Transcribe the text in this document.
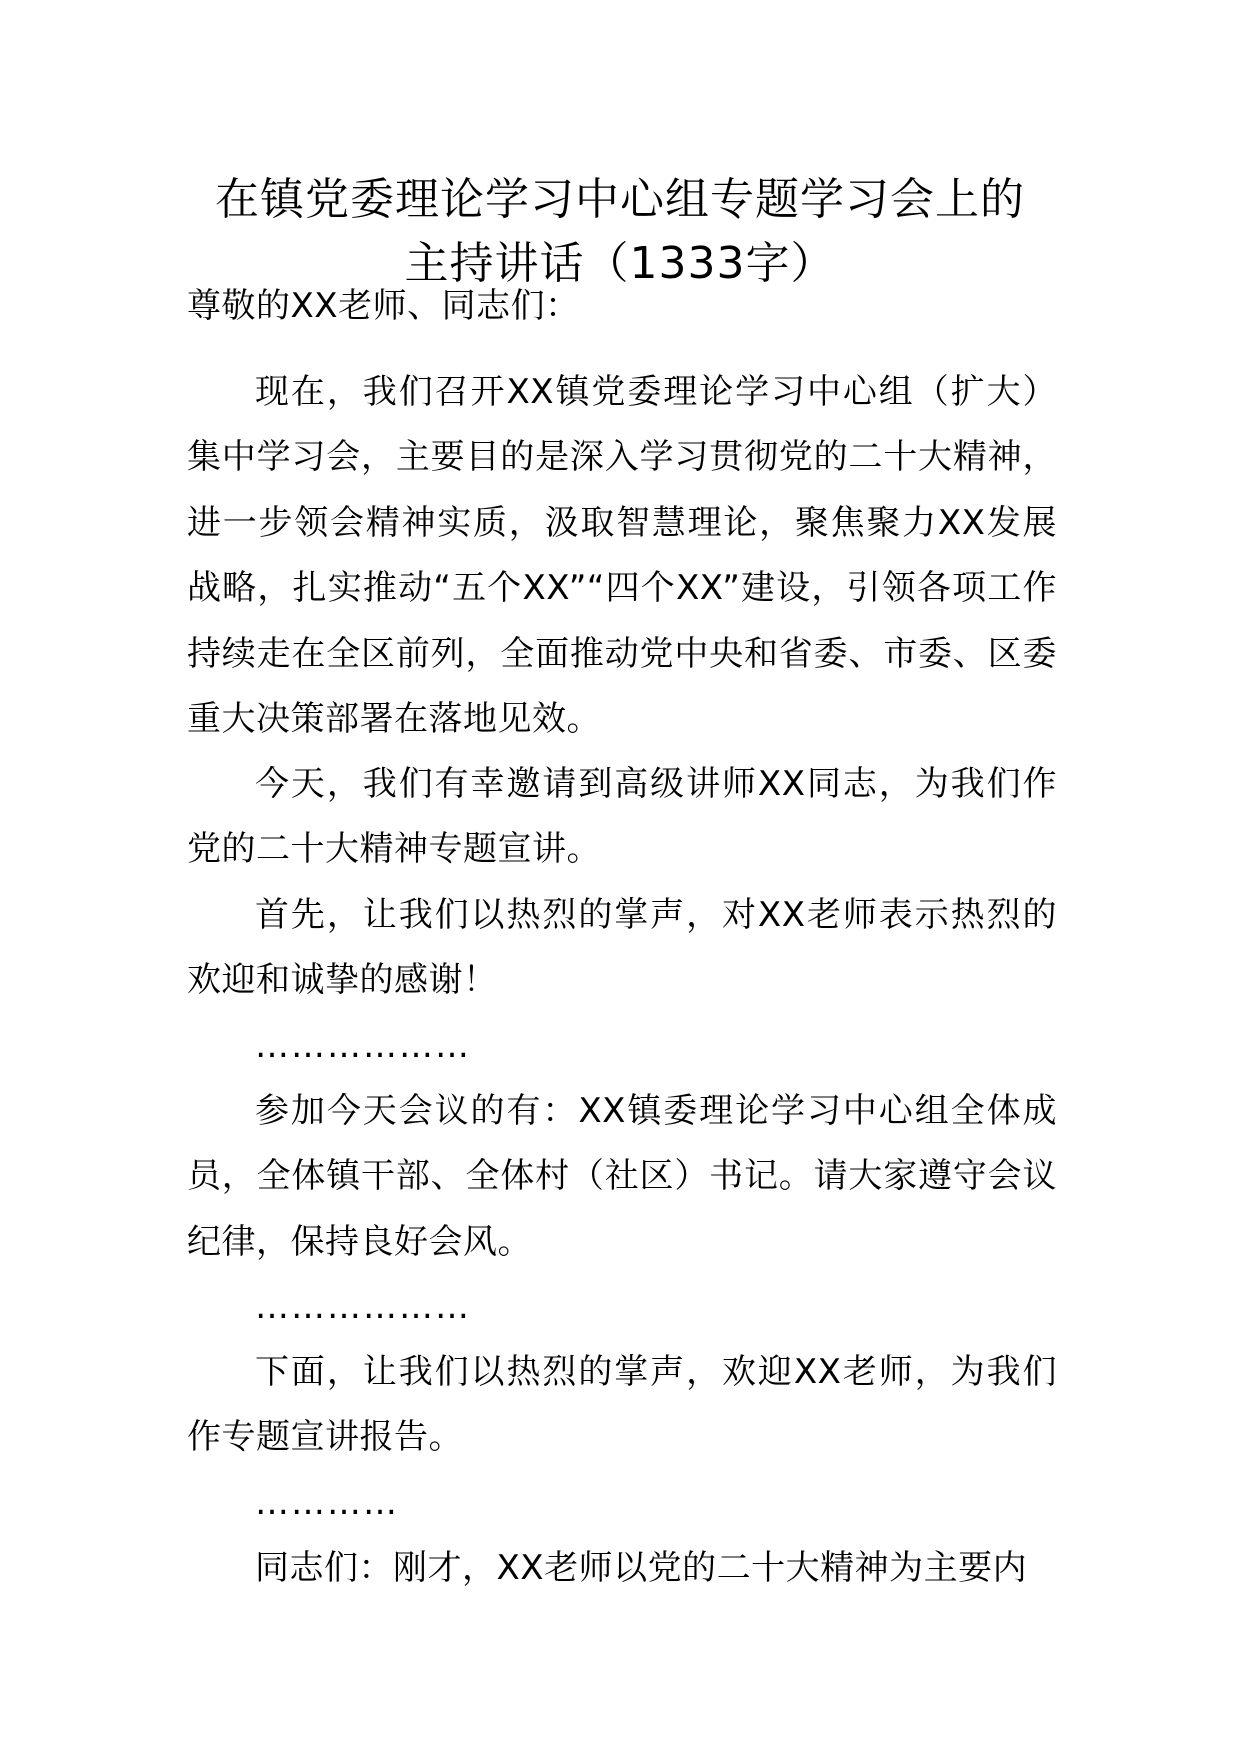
在镇党委理论学习中心组专题学习会上的
主持讲话（1333字）
尊敬的XX老师、同志们：
现在，我们召开XX镇党委理论学习中心组（扩大）集中学习会，主要目的是深入学习贯彻党的二十大精神，进一步领会精神实质，汲取智慧理论，聚焦聚力XX发展战略，扎实推动“五个XX”“四个XX”建设，引领各项工作持续走在全区前列，全面推动党中央和省委、市委、区委重大决策部署在落地见效。
今天，我们有幸邀请到高级讲师XX同志，为我们作党的二十大精神专题宣讲。
首先，让我们以热烈的掌声，对XX老师表示热烈的欢迎和诚挚的感谢！
………………
参加今天会议的有：XX镇委理论学习中心组全体成员，全体镇干部、全体村（社区）书记。请大家遵守会议纪律，保持良好会风。
………………
下面，让我们以热烈的掌声，欢迎XX老师，为我们作专题宣讲报告。
…………
同志们：刚才，XX老师以党的二十大精神为主要内
